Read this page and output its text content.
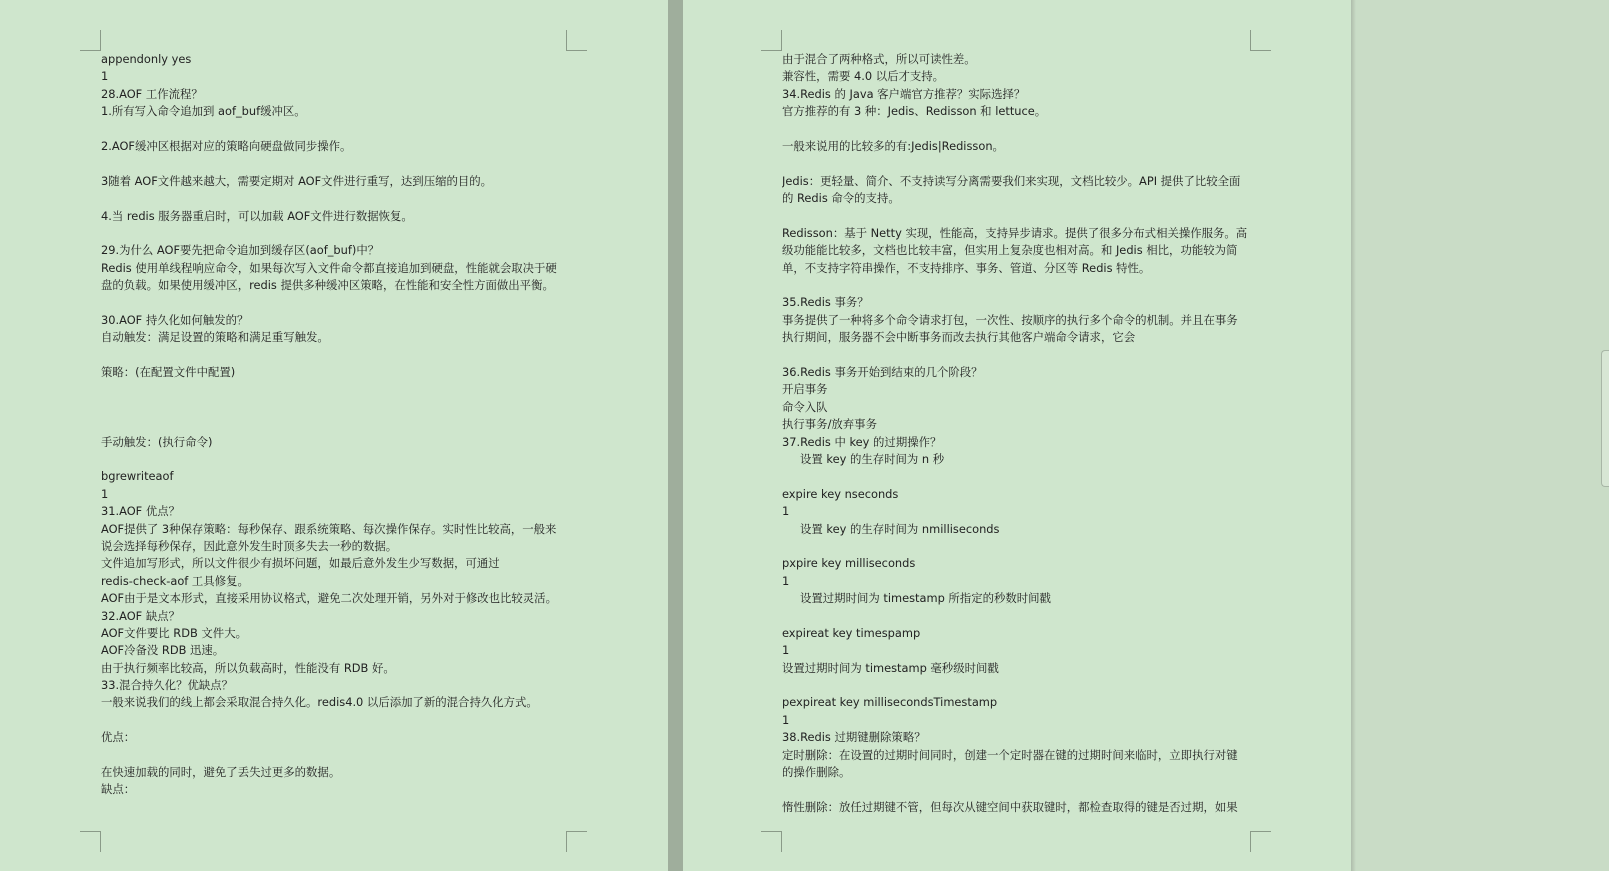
appendonly yes
1
28.AOF 工作流程？
1.所有写入命令追加到 aof_buf缓冲区。
2.AOF缓冲区根据对应的策略向硬盘做同步操作。
3随着 AOF文件越来越大，需要定期对 AOF文件进行重写，达到压缩的目的。
4.当 redis 服务器重启时，可以加载 AOF文件进行数据恢复。
29.为什么 AOF要先把命令追加到缓存区(aof_buf)中？
Redis 使用单线程响应命令，如果每次写入文件命令都直接追加到硬盘，性能就会取决于硬
盘的负载。如果使用缓冲区，redis 提供多种缓冲区策略，在性能和安全性方面做出平衡。
30.AOF 持久化如何触发的？
自动触发：满足设置的策略和满足重写触发。
策略：(在配置文件中配置)
手动触发：(执行命令)
bgrewriteaof
1
31.AOF 优点？
AOF提供了 3种保存策略：每秒保存、跟系统策略、每次操作保存。实时性比较高，一般来
说会选择每秒保存，因此意外发生时顶多失去一秒的数据。
文件追加写形式，所以文件很少有损坏问题，如最后意外发生少写数据，可通过
redis-check-aof 工具修复。
AOF由于是文本形式，直接采用协议格式，避免二次处理开销，另外对于修改也比较灵活。
32.AOF 缺点？
AOF文件要比 RDB 文件大。
AOF冷备没 RDB 迅速。
由于执行频率比较高，所以负载高时，性能没有 RDB 好。
33.混合持久化？优缺点？
一般来说我们的线上都会采取混合持久化。redis4.0 以后添加了新的混合持久化方式。
优点：
在快速加载的同时，避免了丢失过更多的数据。
缺点：
由于混合了两种格式，所以可读性差。
兼容性，需要 4.0 以后才支持。
34.Redis 的 Java 客户端官方推荐？实际选择？
官方推荐的有 3 种：Jedis、Redisson 和 lettuce。
一般来说用的比较多的有:Jedis|Redisson。
Jedis：更轻量、简介、不支持读写分离需要我们来实现，文档比较少。API 提供了比较全面
的 Redis 命令的支持。
Redisson：基于 Netty 实现，性能高，支持异步请求。提供了很多分布式相关操作服务。高
级功能能比较多，文档也比较丰富，但实用上复杂度也相对高。和 Jedis 相比，功能较为简
单，不支持字符串操作，不支持排序、事务、管道、分区等 Redis 特性。
35.Redis 事务？
事务提供了一种将多个命令请求打包，一次性、按顺序的执行多个命令的机制。并且在事务
执行期间，服务器不会中断事务而改去执行其他客户端命令请求，它会
36.Redis 事务开始到结束的几个阶段？
开启事务
命令入队
执行事务/放弃事务
37.Redis 中 key 的过期操作？
设置 key 的生存时间为 n 秒
expire key nseconds
1
设置 key 的生存时间为 nmilliseconds
pxpire key milliseconds
1
设置过期时间为 timestamp 所指定的秒数时间戳
expireat key timespamp
1
设置过期时间为 timestamp 毫秒级时间戳
pexpireat key millisecondsTimestamp
1
38.Redis 过期键删除策略？
定时删除：在设置的过期时间同时，创建一个定时器在键的过期时间来临时，立即执行对键
的操作删除。
惰性删除：放任过期键不管，但每次从键空间中获取键时，都检查取得的键是否过期，如果
